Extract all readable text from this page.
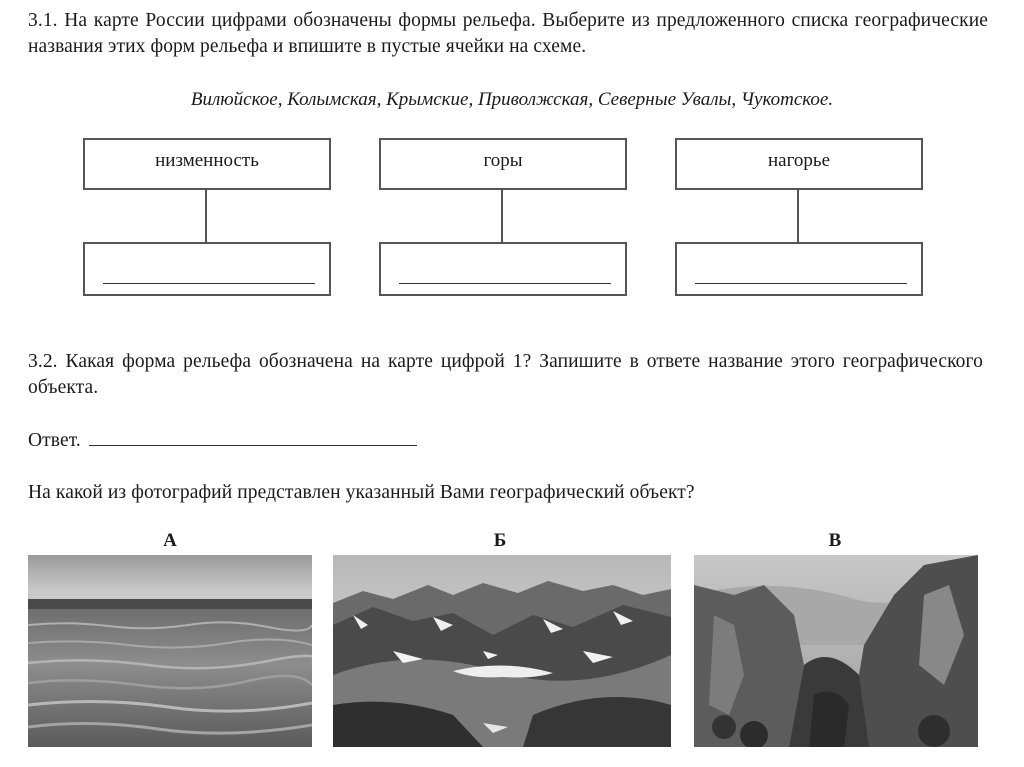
3.1. На карте России цифрами обозначены формы рельефа. Выберите из предложенного списка географические названия этих форм рельефа и впишите в пустые ячейки на схеме.

Вилюйское, Колымская, Крымские, Приволжская, Северные Увалы, Чукотское.

низменность	горы	нагорье

3.2. Какая форма рельефа обозначена на карте цифрой 1? Запишите в ответе название этого географического объекта.

Ответ.

На какой из фотографий представлен указанный Вами географический объект?

А	Б	В
